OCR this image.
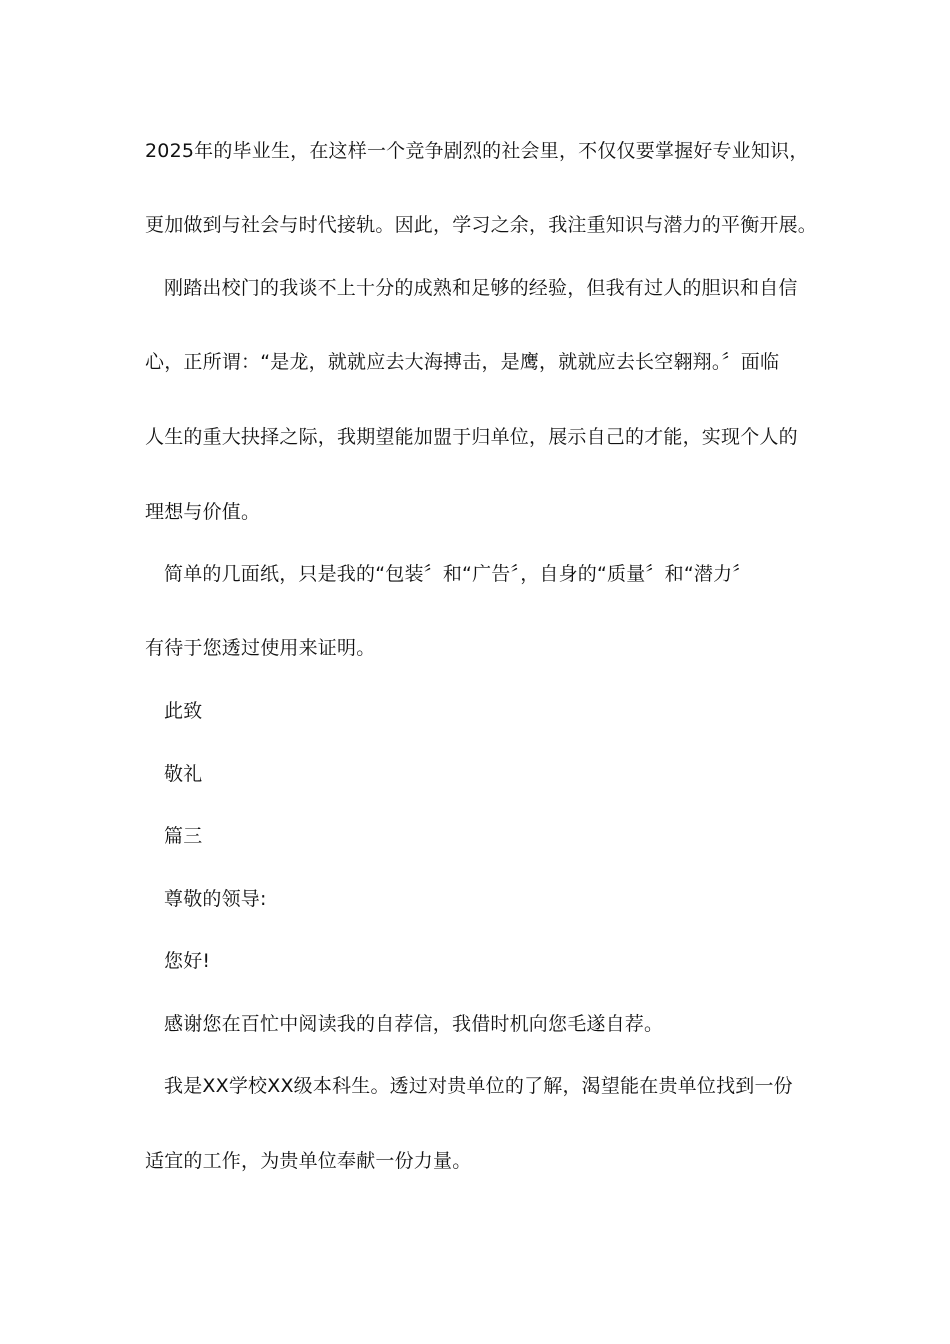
2025年的毕业生，在这样一个竞争剧烈的社会里，不仅仅要掌握好专业知识，
更加做到与社会与时代接轨。因此，学习之余，我注重知识与潜力的平衡开展。
刚踏出校门的我谈不上十分的成熟和足够的经验，但我有过人的胆识和自信
心，正所谓：“是龙，就就应去大海搏击，是鹰，就就应去长空翱翔。〞面临
人生的重大抉择之际，我期望能加盟于归单位，展示自己的才能，实现个人的
理想与价值。
简单的几面纸，只是我的“包装〞和“广告〞，自身的“质量〞和“潜力〞
有待于您透过使用来证明。
此致
敬礼
篇三
尊敬的领导:
您好!
感谢您在百忙中阅读我的自荐信，我借时机向您毛遂自荐。
我是XX学校XX级本科生。透过对贵单位的了解，渴望能在贵单位找到一份
适宜的工作，为贵单位奉献一份力量。
